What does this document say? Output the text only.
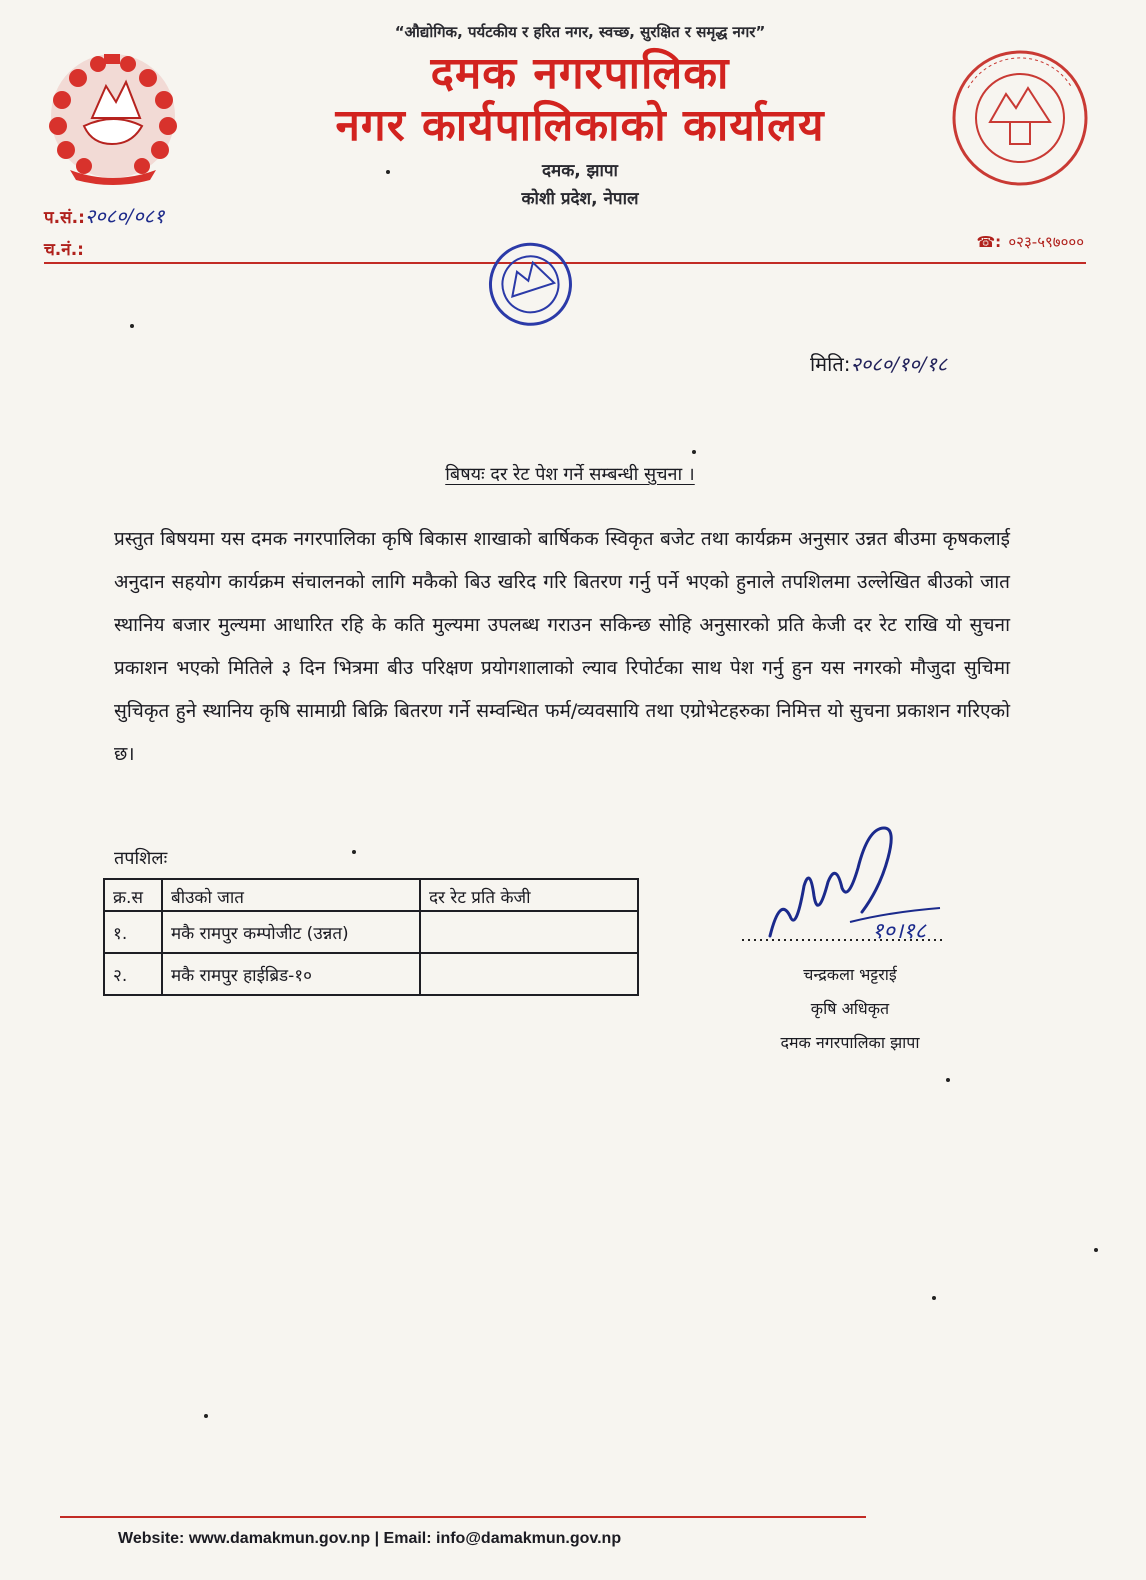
“औद्योगिक, पर्यटकीय र हरित नगर, स्वच्छ, सुरक्षित र समृद्ध नगर”
दमक नगरपालिका
नगर कार्यपालिकाको कार्यालय
दमक, झापा
कोशी प्रदेश, नेपाल
प.सं.:२०८०/०८१
च.नं.:	☎: ०२३-५९७०००
मिति:२०८०/१०/१८
बिषयः दर रेट पेश गर्ने सम्बन्धी सुचना ।
प्रस्तुत बिषयमा यस दमक नगरपालिका कृषि बिकास शाखाको बार्षिकक स्विकृत बजेट तथा कार्यक्रम अनुसार उन्नत बीउमा कृषकलाई अनुदान सहयोग कार्यक्रम संचालनको लागि मकैको बिउ खरिद गरि बितरण गर्नु पर्ने भएको हुनाले तपशिलमा उल्लेखित बीउको जात स्थानिय बजार मुल्यमा आधारित रहि के कति मुल्यमा उपलब्ध गराउन सकिन्छ सोहि अनुसारको प्रति केजी दर रेट राखि यो सुचना प्रकाशन भएको मितिले ३ दिन भित्रमा बीउ परिक्षण प्रयोगशालाको ल्याव रिपोर्टका साथ पेश गर्नु हुन यस नगरको मौजुदा सुचिमा सुचिकृत हुने स्थानिय कृषि सामाग्री बिक्रि बितरण गर्ने सम्वन्धित फर्म/व्यवसायि तथा एग्रोभेटहरुका निमित्त यो सुचना प्रकाशन गरिएको छ।
तपशिलः
क्र.स	बीउको जात	दर रेट प्रति केजी
१.	मकै रामपुर कम्पोजीट (उन्नत)	
२.	मकै रामपुर हाईब्रिड-१०	
१०।१८
चन्द्रकला भट्टराई
कृषि अधिकृत
दमक नगरपालिका झापा
Website: www.damakmun.gov.np | Email: info@damakmun.gov.np
